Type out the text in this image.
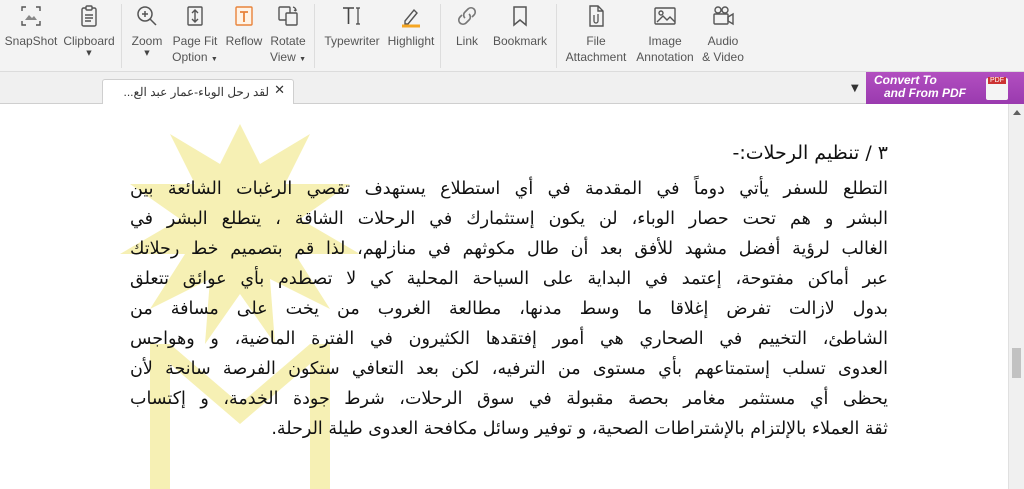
SnapShot Clipboard
▼
Zoom
▼
Page Fit
Option ▼
Reflow Rotate
View ▼
Typewriter Highlight Link Bookmark	File
Attachment
Image
Annotation
Audio
& Video
لقد رحل الوباء-عمار عبد الع... ✕	▼
Convert To
and From PDF
PDF
٣ / تنظيم الرحلات:-
التطلع للسفر يأتي دوماً في المقدمة في أي استطلاع يستهدف تقصي الرغبات الشائعة بين
البشر و هم تحت حصار الوباء، لن يكون إستثمارك في الرحلات الشاقة ، يتطلع البشر في
الغالب لرؤية أفضل مشهد للأفق بعد أن طال مكوثهم في منازلهم، لذا قم بتصميم خط رحلاتك
عبر أماكن مفتوحة، إعتمد في البداية على السياحة المحلية كي لا تصطدم بأي عوائق تتعلق
بدول لازالت تفرض إغلاقا ما وسط مدنها، مطالعة الغروب من يخت على مسافة من
الشاطئ، التخييم في الصحاري هي أمور إفتقدها الكثيرون في الفترة الماضية، و وهواجس
العدوى تسلب إستمتاعهم بأي مستوى من الترفيه، لكن بعد التعافي ستكون الفرصة سانحة لأن
يحظى أي مستثمر مغامر بحصة مقبولة في سوق الرحلات، شرط جودة الخدمة، و إكتساب
ثقة العملاء بالإلتزام بالإشتراطات الصحية، و توفير وسائل مكافحة العدوى طيلة الرحلة.
